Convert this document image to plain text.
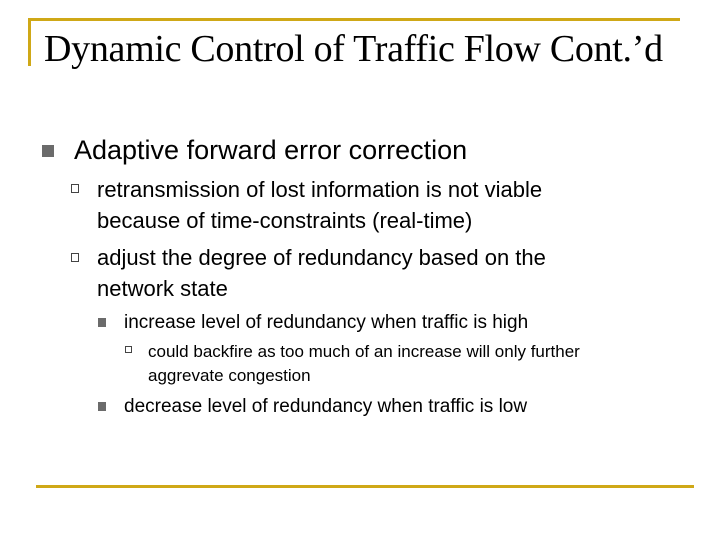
Dynamic Control of Traffic Flow Cont.’d
Adaptive forward error correction
retransmission of lost information is not viable
because of time-constraints (real-time)
adjust the degree of redundancy based on the
network state
increase level of redundancy when traffic is high
could backfire as too much of an increase will only further
aggrevate congestion
decrease level of redundancy when traffic is low
